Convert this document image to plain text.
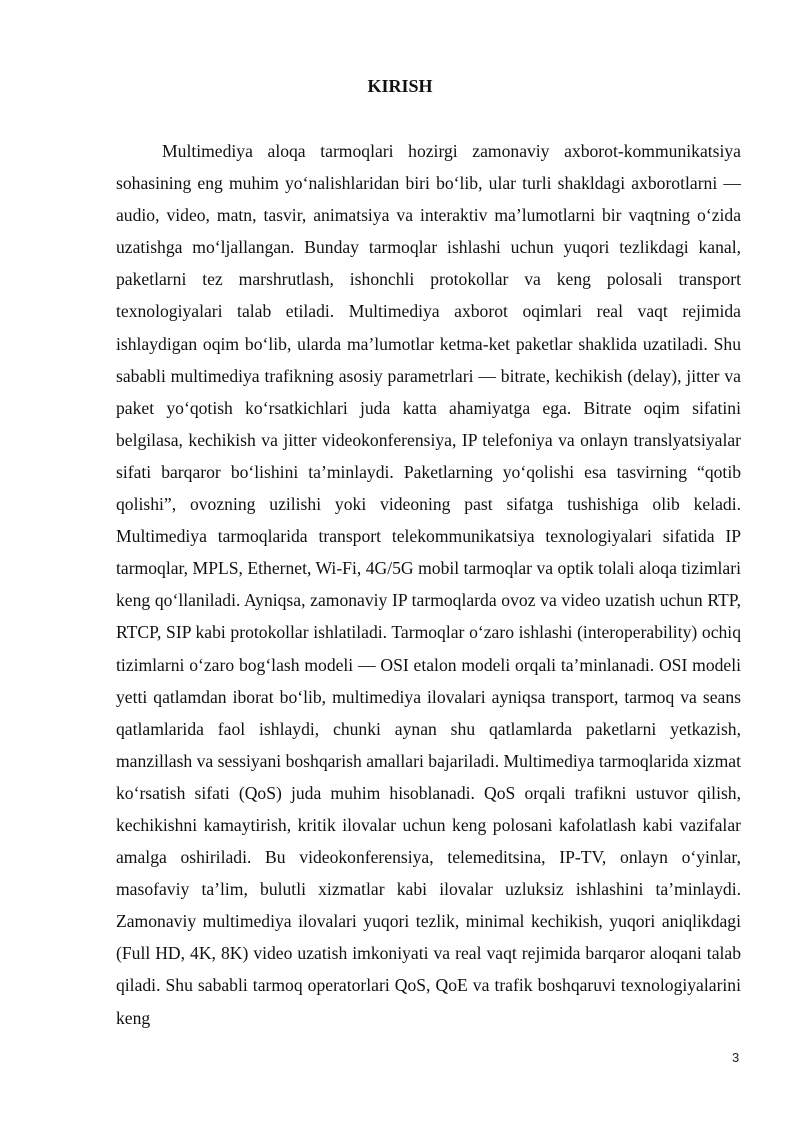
KIRISH

Multimediya aloqa tarmoqlari hozirgi zamonaviy axborot-kommunikatsiya sohasining eng muhim yo‘nalishlaridan biri bo‘lib, ular turli shakldagi axborotlarni — audio, video, matn, tasvir, animatsiya va interaktiv ma’lumotlarni bir vaqtning o‘zida uzatishga mo‘ljallangan. Bunday tarmoqlar ishlashi uchun yuqori tezlikdagi kanal, paketlarni tez marshrutlash, ishonchli protokollar va keng polosali transport texnologiyalari talab etiladi. Multimediya axborot oqimlari real vaqt rejimida ishlaydigan oqim bo‘lib, ularda ma’lumotlar ketma-ket paketlar shaklida uzatiladi. Shu sababli multimediya trafikning asosiy parametrlari — bitrate, kechikish (delay), jitter va paket yo‘qotish ko‘rsatkichlari juda katta ahamiyatga ega. Bitrate oqim sifatini belgilasa, kechikish va jitter videokonferensiya, IP telefoniya va onlayn translyatsiyalar sifati barqaror bo‘lishini ta’minlaydi. Paketlarning yo‘qolishi esa tasvirning “qotib qolishi”, ovozning uzilishi yoki videoning past sifatga tushishiga olib keladi. Multimediya tarmoqlarida transport telekommunikatsiya texnologiyalari sifatida IP tarmoqlar, MPLS, Ethernet, Wi-Fi, 4G/5G mobil tarmoqlar va optik tolali aloqa tizimlari keng qo‘llaniladi. Ayniqsa, zamonaviy IP tarmoqlarda ovoz va video uzatish uchun RTP, RTCP, SIP kabi protokollar ishlatiladi. Tarmoqlar o‘zaro ishlashi (interoperability) ochiq tizimlarni o‘zaro bog‘lash modeli — OSI etalon modeli orqali ta’minlanadi. OSI modeli yetti qatlamdan iborat bo‘lib, multimediya ilovalari ayniqsa transport, tarmoq va seans qatlamlarida faol ishlaydi, chunki aynan shu qatlamlarda paketlarni yetkazish, manzillash va sessiyani boshqarish amallari bajariladi. Multimediya tarmoqlarida xizmat ko‘rsatish sifati (QoS) juda muhim hisoblanadi. QoS orqali trafikni ustuvor qilish, kechikishni kamaytirish, kritik ilovalar uchun keng polosani kafolatlash kabi vazifalar amalga oshiriladi. Bu videokonferensiya, telemeditsina, IP-TV, onlayn o‘yinlar, masofaviy ta’lim, bulutli xizmatlar kabi ilovalar uzluksiz ishlashini ta’minlaydi. Zamonaviy multimediya ilovalari yuqori tezlik, minimal kechikish, yuqori aniqlikdagi (Full HD, 4K, 8K) video uzatish imkoniyati va real vaqt rejimida barqaror aloqani talab qiladi. Shu sababli tarmoq operatorlari QoS, QoE va trafik boshqaruvi texnologiyalarini keng

3
